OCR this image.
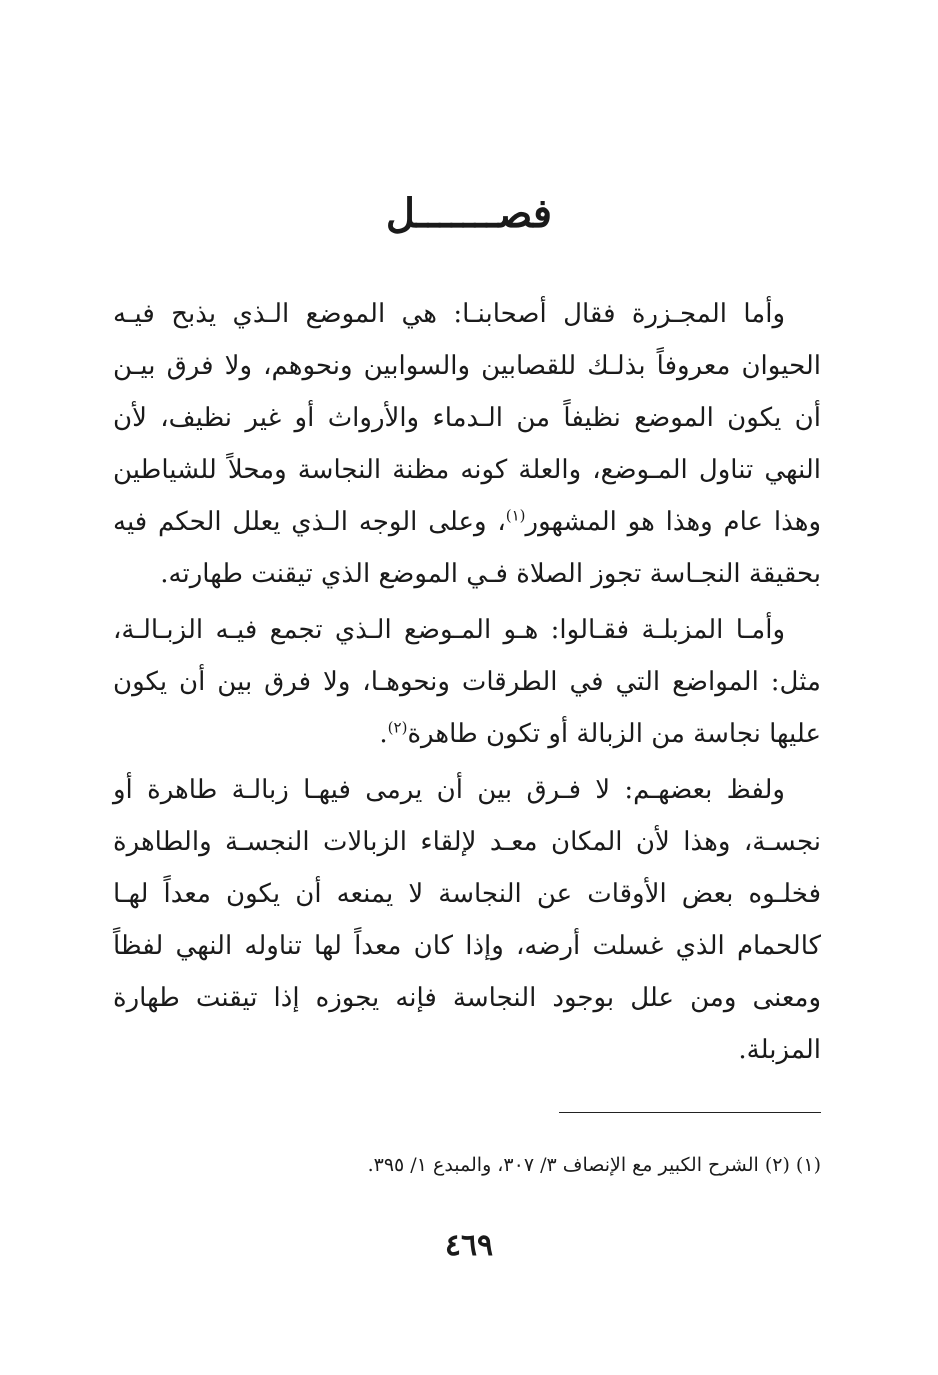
فصـــــــل

وأما المجـزرة فقال أصحابنـا: هي الموضع الـذي يذبح فيـه الحيوان معروفاً بذلـك للقصابين والسوابين ونحوهم، ولا فرق بيـن أن يكون الموضع نظيفاً من الـدماء والأرواث أو غير نظيف، لأن النهي تناول المـوضع، والعلة كونه مظنة النجاسة ومحلاً للشياطين وهذا عام وهذا هو المشهور$^{(١)}$، وعلى الوجه الـذي يعلل الحكم فيه بحقيقة النجـاسة تجوز الصلاة فـي الموضع الذي تيقنت طهارته.

وأمـا المزبلـة فقـالوا: هـو المـوضع الـذي تجمع فيـه الزبـالـة، مثل: المواضع التي في الطرقات ونحوهـا، ولا فرق بين أن يكون عليها نجاسة من الزبالة أو تكون طاهرة$^{(٢)}$.

ولفظ بعضهـم: لا فـرق بين أن يرمى فيهـا زبالـة طاهرة أو نجسـة، وهذا لأن المكان معـد لإلقاء الزبالات النجسـة والطاهرة فخلـوه بعض الأوقات عن النجاسة لا يمنعه أن يكون معداً لهـا كالحمام الذي غسلت أرضه، وإذا كان معداً لها تناوله النهي لفظاً ومعنى ومن علل بوجود النجاسة فإنه يجوزه إذا تيقنت طهارة المزبلة.

(١) (٢) الشرح الكبير مع الإنصاف ٣/ ٣٠٧، والمبدع ١/ ٣٩٥.
٤٦٩
